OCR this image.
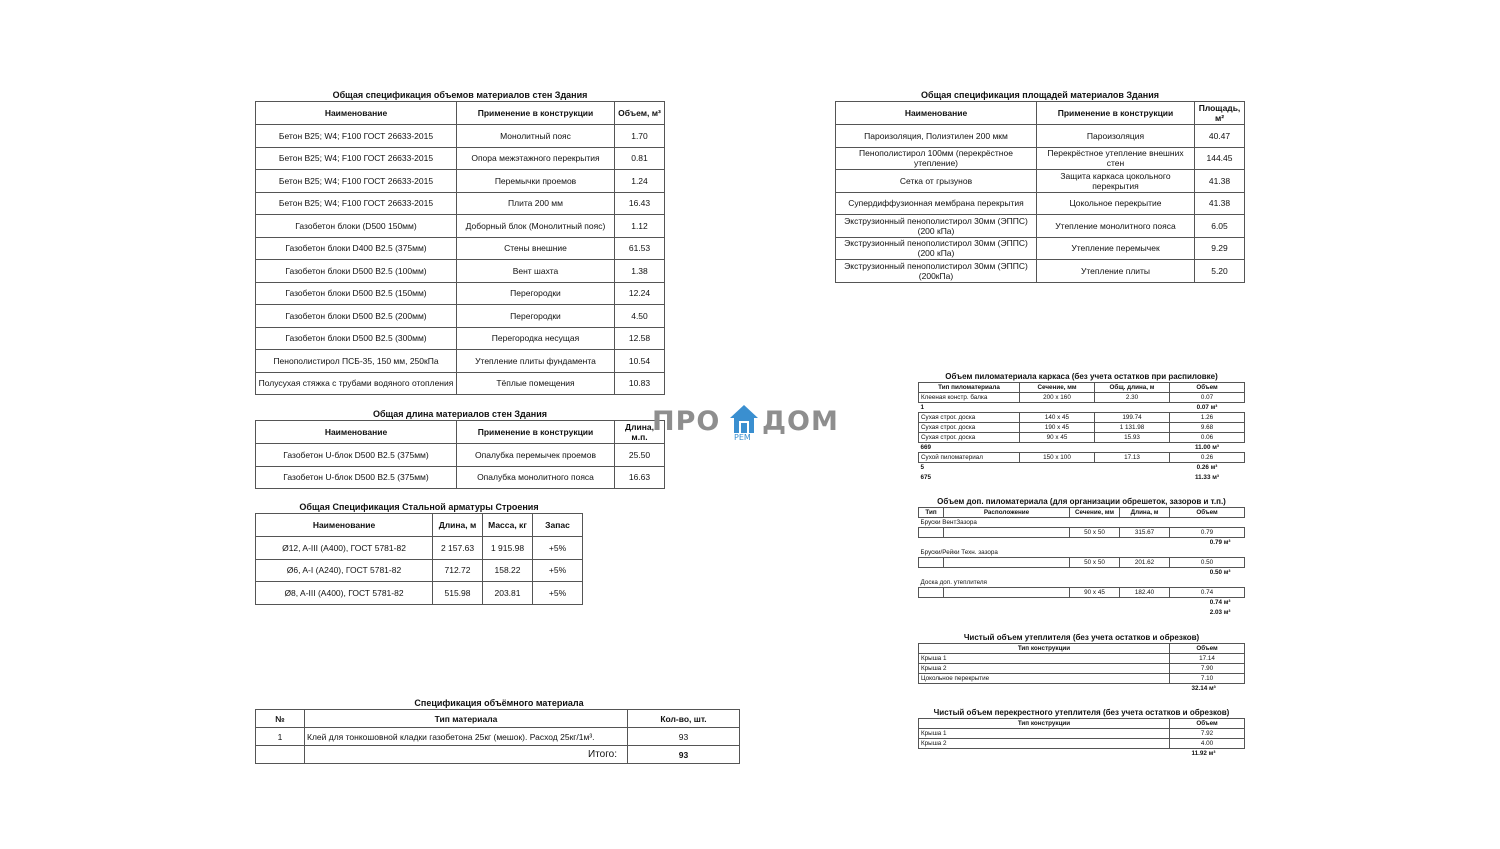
Общая спецификация объемов материалов стен Здания
Наименование	Применение в конструкции	Объем, м³
Бетон B25; W4; F100 ГОСТ 26633-2015	Монолитный пояс	1.70
Бетон B25; W4; F100 ГОСТ 26633-2015	Опора межэтажного перекрытия	0.81
Бетон B25; W4; F100 ГОСТ 26633-2015	Перемычки проемов	1.24
Бетон B25; W4; F100 ГОСТ 26633-2015	Плита 200 мм	16.43
Газобетон блоки (D500 150мм)	Доборный блок (Монолитный пояс)	1.12
Газобетон блоки D400 B2.5 (375мм)	Стены внешние	61.53
Газобетон блоки D500 B2.5 (100мм)	Вент шахта	1.38
Газобетон блоки D500 B2.5 (150мм)	Перегородки	12.24
Газобетон блоки D500 B2.5 (200мм)	Перегородки	4.50
Газобетон блоки D500 B2.5 (300мм)	Перегородка несущая	12.58
Пенополистирол ПСБ-35, 150 мм, 250кПа	Утепление плиты фундамента	10.54
Полусухая стяжка с трубами водяного отопления	Тёплые помещения	10.83
Общая длина материалов стен Здания
Наименование	Применение в конструкции	Длина, м.п.
Газобетон U-блок D500 B2.5 (375мм)	Опалубка перемычек проемов	25.50
Газобетон U-блок D500 B2.5 (375мм)	Опалубка монолитного пояса	16.63
ПРО
РЕМ
ДОМ
Общая Спецификация Стальной арматуры Строения
Наименование	Длина, м	Масса, кг	Запас
Ø12, A-III (A400), ГОСТ 5781-82	2 157.63	1 915.98	+5%
Ø6, A-I (A240), ГОСТ 5781-82	712.72	158.22	+5%
Ø8, A-III (A400), ГОСТ 5781-82	515.98	203.81	+5%
Спецификация объёмного материала
№	Тип материала	Кол-во, шт.
1	Клей для тонкошовной кладки газобетона 25кг (мешок). Расход 25кг/1м³.	93
	Итого:	93
Общая спецификация площадей материалов Здания
Наименование	Применение в конструкции	Площадь, м²
Пароизоляция, Полиэтилен 200 мкм	Пароизоляция	40.47
Пенополистирол 100мм (перекрёстное утепление)	Перекрёстное утепление внешних стен	144.45
Сетка от грызунов	Защита каркаса цокольного перекрытия	41.38
Супердиффузионная мембрана перекрытия	Цокольное перекрытие	41.38
Экструзионный пенополистирол 30мм (ЭППС) (200 кПа)	Утепление монолитного пояса	6.05
Экструзионный пенополистирол 30мм (ЭППС) (200 кПа)	Утепление перемычек	9.29
Экструзионный пенополистирол 30мм (ЭППС) (200кПа)	Утепление плиты	5.20
Объем пиломатериала каркаса (без учета остатков при распиловке)
Тип пиломатериала	Сечение, мм	Общ. длина, м	Объем
Клееная констр. балка	200 x 160	2.30	0.07
1			0.07 м³
Сухая строг. доска	140 x 45	199.74	1.26
Сухая строг. доска	190 x 45	1 131.98	9.68
Сухая строг. доска	90 x 45	15.93	0.06
669			11.00 м³
Сухой пиломатериал	150 x 100	17.13	0.26
5			0.26 м³
675			11.33 м³
Объем доп. пиломатериала (для организации обрешеток, зазоров и т.п.)
Тип	Расположение	Сечение, мм	Длина, м	Объем
Бруски ВентЗазора				
		50 x 50	315.67	0.79
				0.79 м³
Бруски/Рейки Техн. зазора				
		50 x 50	201.62	0.50
				0.50 м³
Доска доп. утеплителя				
		90 x 45	182.40	0.74
				0.74 м³
				2.03 м³
Чистый объем утеплителя (без учета остатков и обрезков)
Тип конструкции	Объем
Крыша 1	17.14
Крыша 2	7.90
Цокольное перекрытие	7.10
	32.14 м³
Чистый объем перекрестного утеплителя (без учета остатков и обрезков)
Тип конструкции	Объем
Крыша 1	7.92
Крыша 2	4.00
	11.92 м³
